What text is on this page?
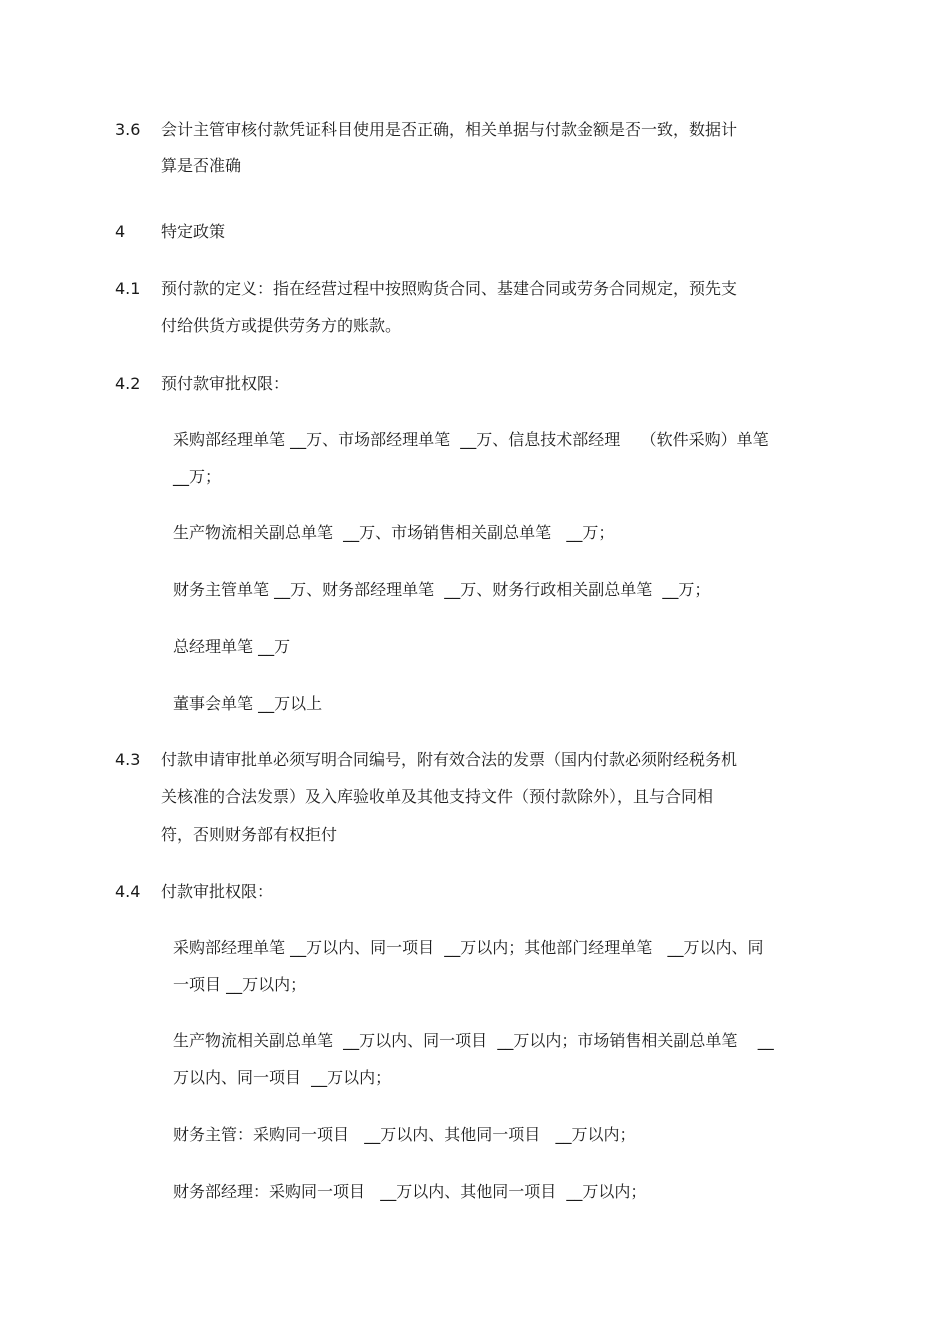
3.6 会计主管审核付款凭证科目使用是否正确，相关单据与付款金额是否一致，数据计
算是否准确
4 特定政策
4.1 预付款的定义：指在经营过程中按照购货合同、基建合同或劳务合同规定，预先支
付给供货方或提供劳务方的账款。
4.2 预付款审批权限：
采购部经理单笔 __万、市场部经理单笔  __万、信息技术部经理    （软件采购）单笔
__万；
生产物流相关副总单笔  __万、市场销售相关副总单笔   __万；
财务主管单笔 __万、财务部经理单笔  __万、财务行政相关副总单笔  __万；
总经理单笔 __万
董事会单笔 __万以上
4.3 付款申请审批单必须写明合同编号，附有效合法的发票（国内付款必须附经税务机
关核准的合法发票）及入库验收单及其他支持文件（预付款除外），且与合同相
符，否则财务部有权拒付
4.4 付款审批权限：
采购部经理单笔 __万以内、同一项目  __万以内；其他部门经理单笔   __万以内、同
一项目 __万以内；
生产物流相关副总单笔  __万以内、同一项目  __万以内；市场销售相关副总单笔    __
万以内、同一项目  __万以内；
财务主管：采购同一项目   __万以内、其他同一项目   __万以内；
财务部经理：采购同一项目   __万以内、其他同一项目  __万以内；
